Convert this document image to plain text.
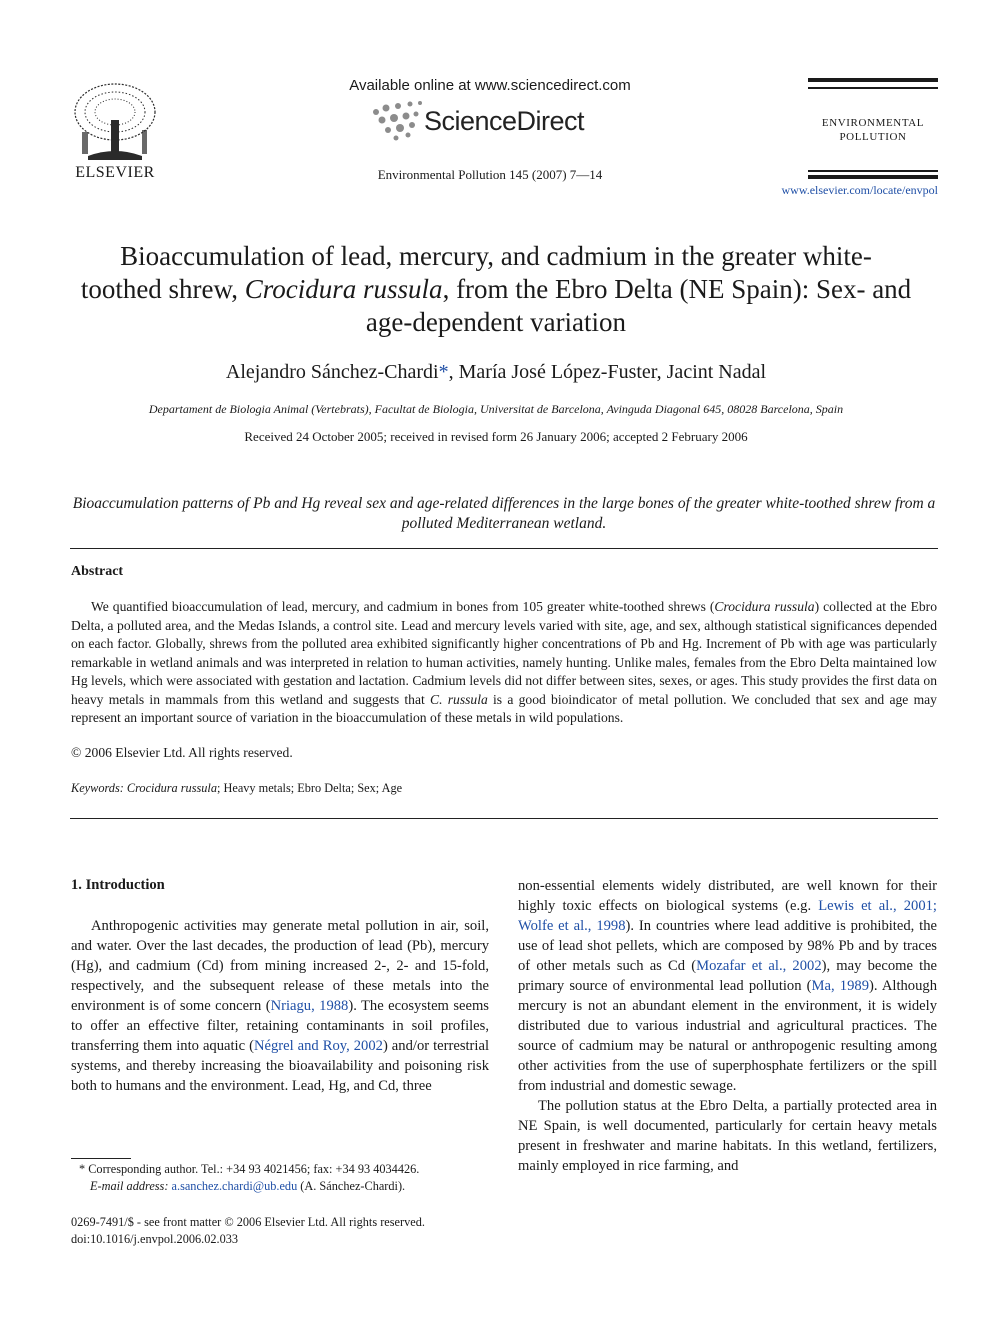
ELSEVIER
Available online at www.sciencedirect.com
ScienceDirect
Environmental Pollution 145 (2007) 7—14
ENVIRONMENTAL
POLLUTION
www.elsevier.com/locate/envpol
Bioaccumulation of lead, mercury, and cadmium in the greater white-toothed shrew, Crocidura russula, from the Ebro Delta (NE Spain): Sex- and age-dependent variation
Alejandro Sánchez-Chardi*, María José López-Fuster, Jacint Nadal
Departament de Biologia Animal (Vertebrats), Facultat de Biologia, Universitat de Barcelona, Avinguda Diagonal 645, 08028 Barcelona, Spain
Received 24 October 2005; received in revised form 26 January 2006; accepted 2 February 2006
Bioaccumulation patterns of Pb and Hg reveal sex and age-related differences in the large bones of the greater white-toothed shrew from a polluted Mediterranean wetland.
Abstract

We quantified bioaccumulation of lead, mercury, and cadmium in bones from 105 greater white-toothed shrews (Crocidura russula) collected at the Ebro Delta, a polluted area, and the Medas Islands, a control site. Lead and mercury levels varied with site, age, and sex, although statistical significances depended on each factor. Globally, shrews from the polluted area exhibited significantly higher concentrations of Pb and Hg. Increment of Pb with age was particularly remarkable in wetland animals and was interpreted in relation to human activities, namely hunting. Unlike males, females from the Ebro Delta maintained low Hg levels, which were associated with gestation and lactation. Cadmium levels did not differ between sites, sexes, or ages. This study provides the first data on heavy metals in mammals from this wetland and suggests that C. russula is a good bioindicator of metal pollution. We concluded that sex and age may represent an important source of variation in the bioaccumulation of these metals in wild populations.

© 2006 Elsevier Ltd. All rights reserved.
Keywords: Crocidura russula; Heavy metals; Ebro Delta; Sex; Age
1. Introduction

Anthropogenic activities may generate metal pollution in air, soil, and water. Over the last decades, the production of lead (Pb), mercury (Hg), and cadmium (Cd) from mining increased 2-, 2- and 15-fold, respectively, and the subsequent release of these metals into the environment is of some concern (Nriagu, 1988). The ecosystem seems to offer an effective filter, retaining contaminants in soil profiles, transferring them into aquatic (Négrel and Roy, 2002) and/or terrestrial systems, and thereby increasing the bioavailability and poisoning risk both to humans and the environment. Lead, Hg, and Cd, three

non-essential elements widely distributed, are well known for their highly toxic effects on biological systems (e.g. Lewis et al., 2001; Wolfe et al., 1998). In countries where lead additive is prohibited, the use of lead shot pellets, which are composed by 98% Pb and by traces of other metals such as Cd (Mozafar et al., 2002), may become the primary source of environmental lead pollution (Ma, 1989). Although mercury is not an abundant element in the environment, it is widely distributed due to various industrial and agricultural practices. The source of cadmium may be natural or anthropogenic resulting among other activities from the use of superphosphate fertilizers or the spill from industrial and domestic sewage.

The pollution status at the Ebro Delta, a partially protected area in NE Spain, is well documented, particularly for certain heavy metals present in freshwater and marine habitats. In this wetland, fertilizers, mainly employed in rice farming, and

* Corresponding author. Tel.: +34 93 4021456; fax: +34 93 4034426.
E-mail address: a.sanchez.chardi@ub.edu (A. Sánchez-Chardi).
0269-7491/$ - see front matter © 2006 Elsevier Ltd. All rights reserved.
doi:10.1016/j.envpol.2006.02.033
